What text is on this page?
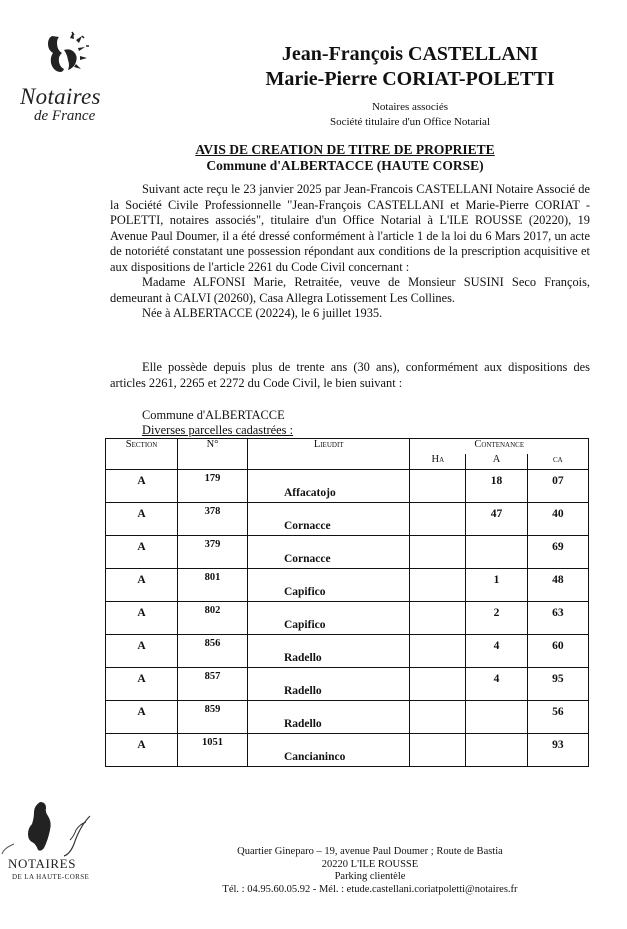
Notaires
de France
Jean-François CASTELLANI
Marie-Pierre CORIAT-POLETTI
Notaires associés
Société titulaire d'un Office Notarial
AVIS DE CREATION DE TITRE DE PROPRIETE
Commune d'ALBERTACCE (HAUTE CORSE)
Suivant acte reçu le 23 janvier 2025 par Jean-Francois CASTELLANI Notaire Associé de la Société Civile Professionnelle "Jean-François CASTELLANI et Marie-Pierre CORIAT - POLETTI, notaires associés", titulaire d'un Office Notarial à L'ILE ROUSSE (20220), 19 Avenue Paul Doumer, il a été dressé conformément à l'article 1 de la loi du 6 Mars 2017, un acte de notoriété constatant une possession répondant aux conditions de la prescription acquisitive et aux dispositions de l'article 2261 du Code Civil concernant :
Madame ALFONSI Marie, Retraitée, veuve de Monsieur SUSINI Seco François, demeurant à CALVI (20260), Casa Allegra Lotissement Les Collines.
Née à ALBERTACCE (20224), le 6 juillet 1935.
Elle possède depuis plus de trente ans (30 ans), conformément aux dispositions des articles 2261, 2265 et 2272 du Code Civil, le bien suivant :
Commune d'ALBERTACCE
Diverses parcelles cadastrées :
Section	N°	Lieudit	Contenance		
			Ha	A	ca

A	179	Affacatojo		18	07

A	378	Cornacce		47	40

A	379	Cornacce			69

A	801	Capifico		1	48

A	802	Capifico		2	63

A	856	Radello		4	60

A	857	Radello		4	95

A	859	Radello			56

A	1051	Cancianinco			93
NOTAIRES
DE LA HAUTE-CORSE
Quartier Gineparo – 19, avenue Paul Doumer ; Route de Bastia
20220 L'ILE ROUSSE
Parking clientèle
Tél. : 04.95.60.05.92 - Mél. : etude.castellani.coriatpoletti@notaires.fr
